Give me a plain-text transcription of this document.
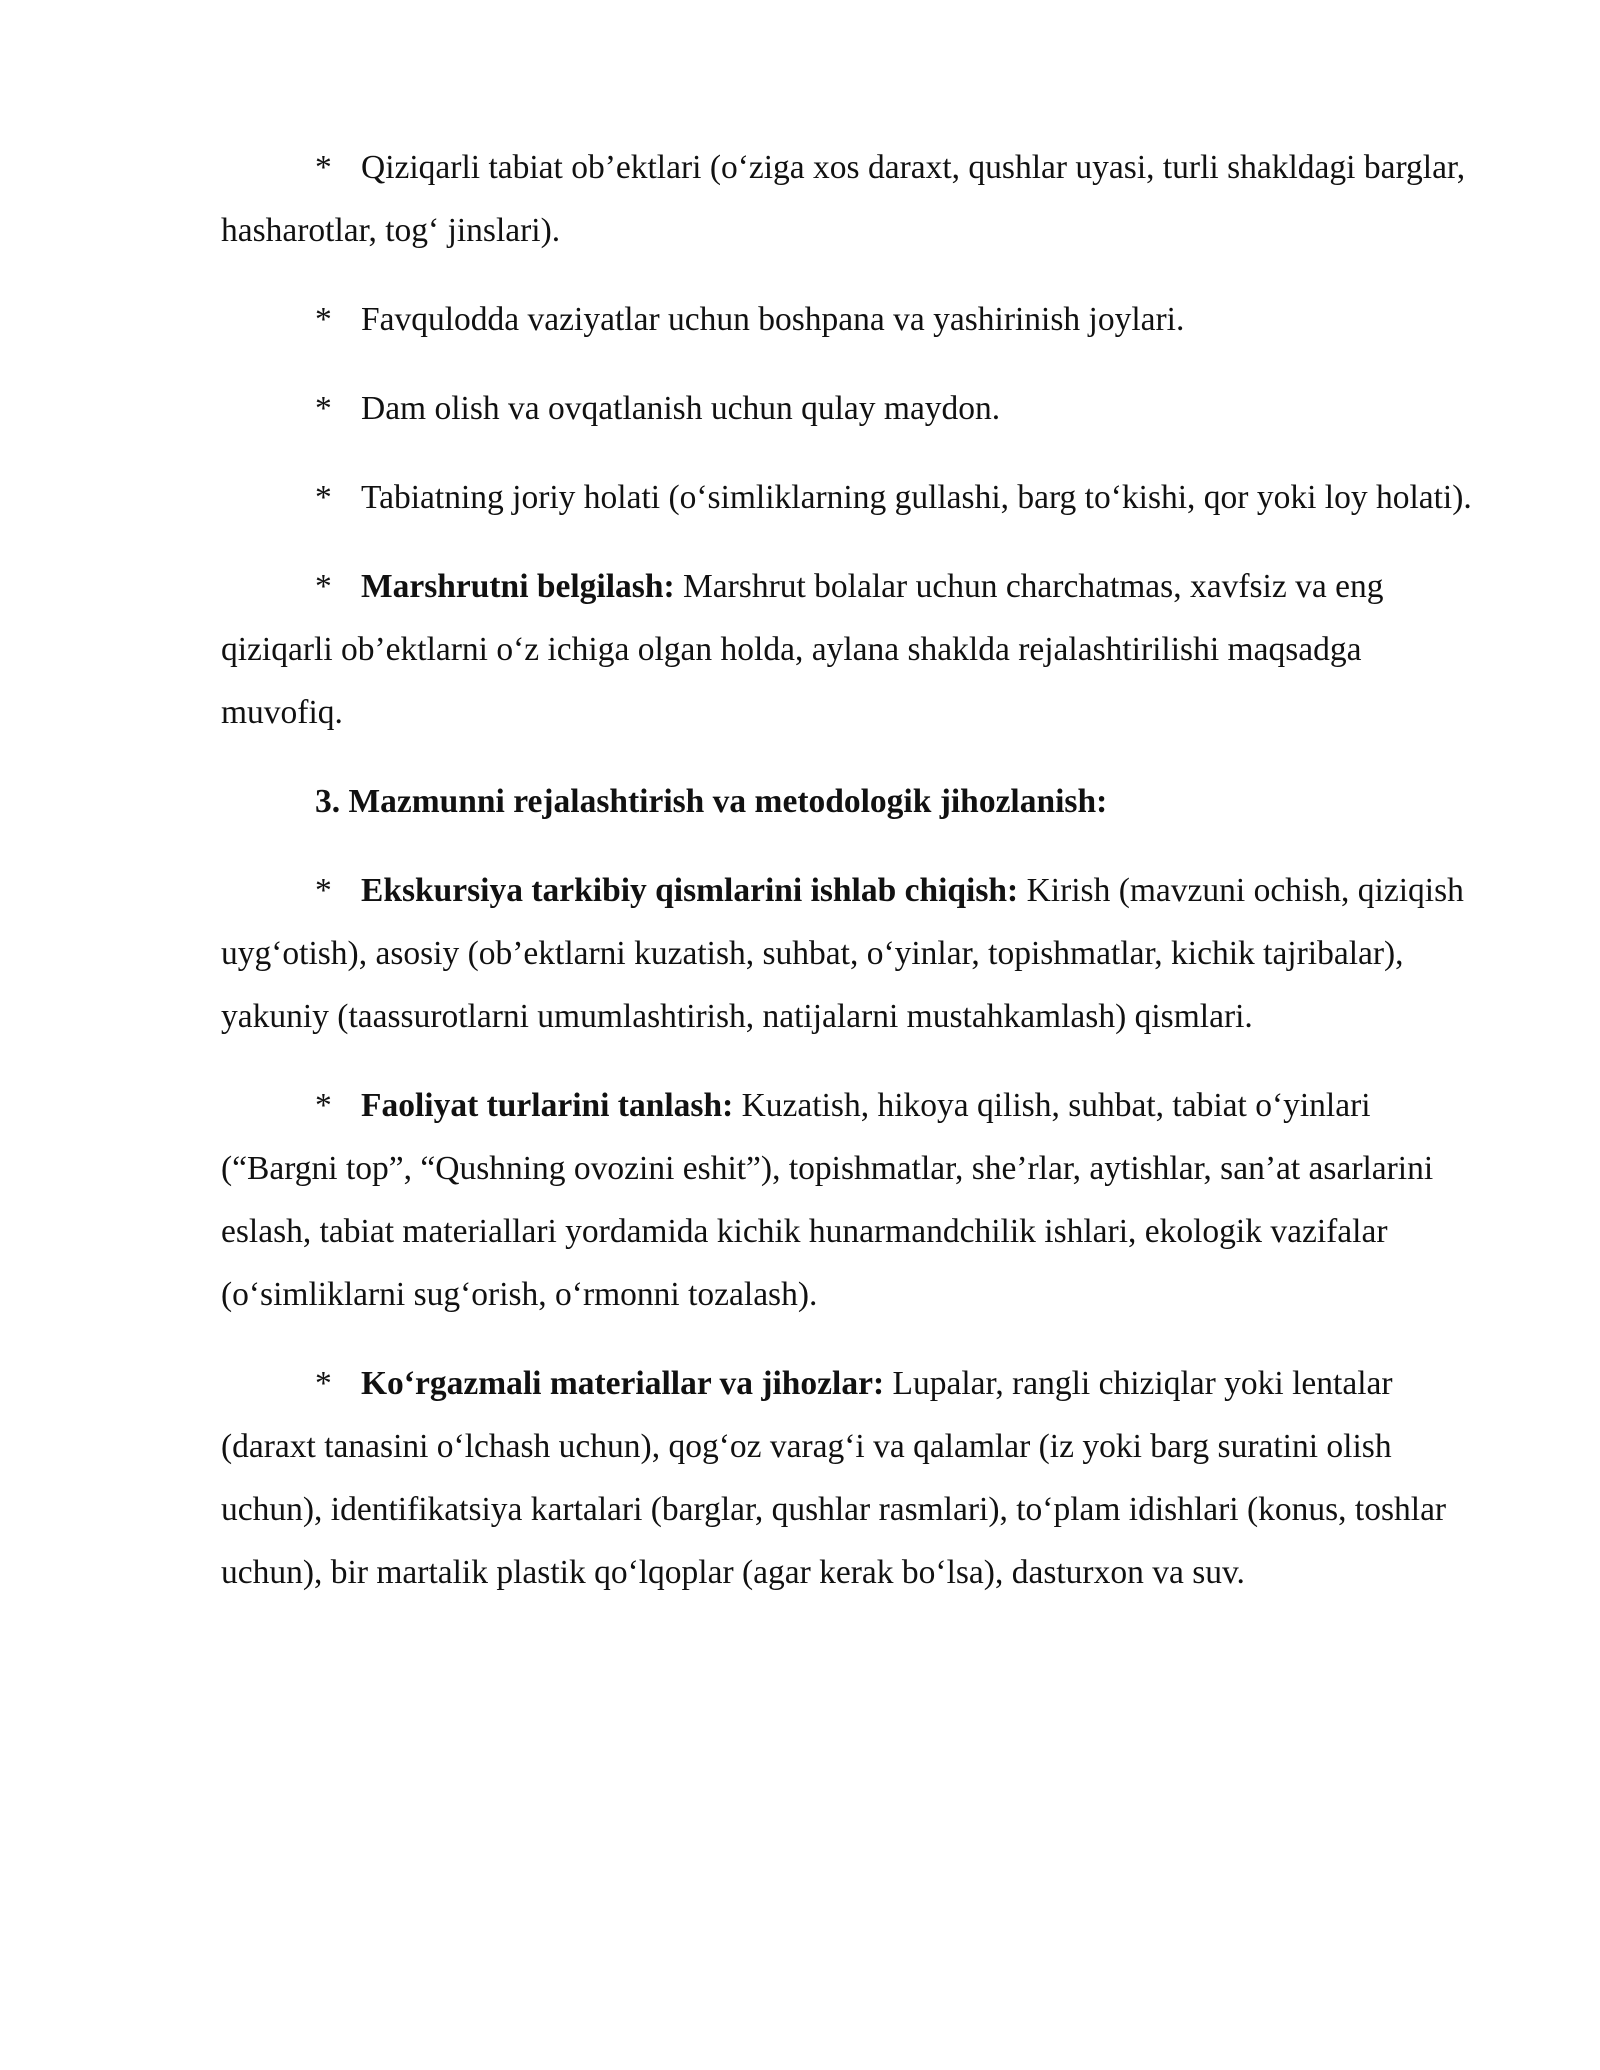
* Qiziqarli tabiat ob’ektlari (o‘ziga xos daraxt, qushlar uyasi, turli shakldagi barglar, hasharotlar, tog‘ jinslari).

* Favqulodda vaziyatlar uchun boshpana va yashirinish joylari.

* Dam olish va ovqatlanish uchun qulay maydon.

* Tabiatning joriy holati (o‘simliklarning gullashi, barg to‘kishi, qor yoki loy holati).

* Marshrutni belgilash: Marshrut bolalar uchun charchatmas, xavfsiz va eng qiziqarli ob’ektlarni o‘z ichiga olgan holda, aylana shaklda rejalashtirilishi maqsadga muvofiq.

3. Mazmunni rejalashtirish va metodologik jihozlanish:

* Ekskursiya tarkibiy qismlarini ishlab chiqish: Kirish (mavzuni ochish, qiziqish uyg‘otish), asosiy (ob’ektlarni kuzatish, suhbat, o‘yinlar, topishmatlar, kichik tajribalar), yakuniy (taassurotlarni umumlashtirish, natijalarni mustahkamlash) qismlari.

* Faoliyat turlarini tanlash: Kuzatish, hikoya qilish, suhbat, tabiat o‘yinlari (“Bargni top”, “Qushning ovozini eshit”), topishmatlar, she’rlar, aytishlar, san’at asarlarini eslash, tabiat materiallari yordamida kichik hunarmandchilik ishlari, ekologik vazifalar (o‘simliklarni sug‘orish, o‘rmonni tozalash).

* Ko‘rgazmali materiallar va jihozlar: Lupalar, rangli chiziqlar yoki lentalar (daraxt tanasini o‘lchash uchun), qog‘oz varag‘i va qalamlar (iz yoki barg suratini olish uchun), identifikatsiya kartalari (barglar, qushlar rasmlari), to‘plam idishlari (konus, toshlar uchun), bir martalik plastik qo‘lqoplar (agar kerak bo‘lsa), dasturxon va suv.
